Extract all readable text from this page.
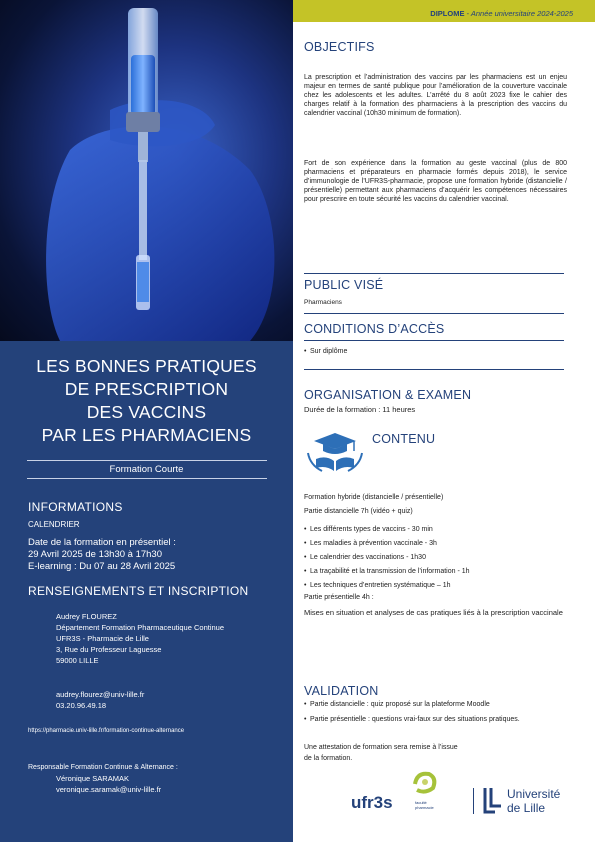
LES BONNES PRATIQUES
DE PRESCRIPTION
DES VACCINS
PAR LES PHARMACIENS
Formation Courte
INFORMATIONS
CALENDRIER
Date de la formation en présentiel :
29 Avril 2025 de 13h30 à 17h30
E-learning : Du 07 au 28 Avril 2025
RENSEIGNEMENTS ET INSCRIPTION
Audrey FLOUREZ
Département Formation Pharmaceutique Continue
UFR3S - Pharmacie de Lille
3, Rue du Professeur Laguesse
59000 LILLE
audrey.flourez@univ-lille.fr
03.20.96.49.18
https://pharmacie.univ-lille.fr/formation-continue-alternance
Responsable Formation Continue & Alternance :
Véronique SARAMAK
veronique.saramak@univ-lille.fr
DIPLOME - Année universitaire 2024-2025
OBJECTIFS

La prescription et l’administration des vaccins par les pharmaciens est un enjeu majeur en termes de santé publique pour l’amélioration de la couverture vaccinale chez les adolescents et les adultes. L’arrêté du 8 août 2023 fixe le cahier des charges relatif à la formation des pharmaciens à la prescription des vaccins du calendrier vaccinal (10h30 minimum de formation).

Fort de son expérience dans la formation au geste vaccinal (plus de 800 pharmaciens et préparateurs en pharmacie formés depuis 2018), le service d’immunologie de l’UFR3S-pharmacie, propose une formation hybride (distancielle / présentielle) permettant aux pharmaciens d’acquérir les compétences nécessaires pour prescrire en toute sécurité les vaccins du calendrier vaccinal.

PUBLIC VISÉ
Pharmaciens
CONDITIONS D’ACCÈS
• Sur diplôme
ORGANISATION & EXAMEN
Durée de la formation : 11 heures
CONTENU
Formation hybride (distancielle / présentielle)
Partie distancielle 7h (vidéo + quiz)
• Les différents types de vaccins - 30 min
• Les maladies à prévention vaccinale - 3h
• Le calendrier des vaccinations - 1h30
• La traçabilité et la transmission de l’information - 1h
• Les techniques d’entretien systématique – 1h
Partie présentielle 4h :

Mises en situation et analyses de cas pratiques liés à la prescription vaccinale

VALIDATION
• Partie distancielle : quiz proposé sur la plateforme Moodle
• Partie présentielle : questions vrai-faux sur des situations pratiques.
Une attestation de formation sera remise à l’issue
de la formation.
ufr3s	faculté
pharmacie
Université
de Lille
